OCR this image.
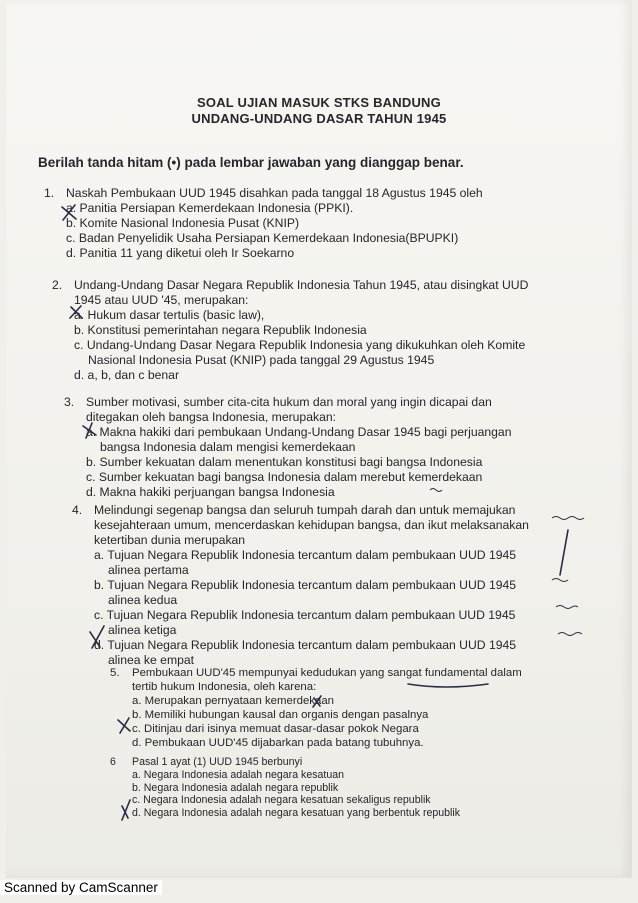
SOAL UJIAN MASUK STKS BANDUNG
UNDANG-UNDANG DASAR TAHUN 1945
Berilah tanda hitam (•) pada lembar jawaban yang dianggap benar.
1. Naskah Pembukaan UUD 1945 disahkan pada tanggal 18 Agustus 1945 oleh
a. Panitia Persiapan Kemerdekaan Indonesia (PPKI).
b. Komite Nasional Indonesia Pusat (KNIP)
c. Badan Penyelidik Usaha Persiapan Kemerdekaan Indonesia(BPUPKI)
d. Panitia 11 yang diketui oleh Ir Soekarno
2. Undang-Undang Dasar Negara Republik Indonesia Tahun 1945, atau disingkat UUD 1945 atau UUD '45, merupakan:
a. Hukum dasar tertulis (basic law),
b. Konstitusi pemerintahan negara Republik Indonesia
c. Undang-Undang Dasar Negara Republik Indonesia yang dikukuhkan oleh Komite Nasional Indonesia Pusat (KNIP) pada tanggal 29 Agustus 1945
d. a, b, dan c benar
3. Sumber motivasi, sumber cita-cita hukum dan moral yang ingin dicapai dan ditegakan oleh bangsa Indonesia, merupakan:
a. Makna hakiki dari pembukaan Undang-Undang Dasar 1945 bagi perjuangan bangsa Indonesia dalam mengisi kemerdekaan
b. Sumber kekuatan dalam menentukan konstitusi bagi bangsa Indonesia
c. Sumber kekuatan bagi bangsa Indonesia dalam merebut kemerdekaan
d. Makna hakiki perjuangan bangsa Indonesia
4. Melindungi segenap bangsa dan seluruh tumpah darah dan untuk memajukan kesejahteraan umum, mencerdaskan kehidupan bangsa, dan ikut melaksanakan ketertiban dunia merupakan
a. Tujuan Negara Republik Indonesia tercantum dalam pembukaan UUD 1945 alinea pertama
b. Tujuan Negara Republik Indonesia tercantum dalam pembukaan UUD 1945 alinea kedua
c. Tujuan Negara Republik Indonesia tercantum dalam pembukaan UUD 1945 alinea ketiga
d. Tujuan Negara Republik Indonesia tercantum dalam pembukaan UUD 1945 alinea ke empat
5. Pembukaan UUD'45 mempunyai kedudukan yang sangat fundamental dalam tertib hukum Indonesia, oleh karena:
a. Merupakan pernyataan kemerdekaan
b. Memiliki hubungan kausal dan organis dengan pasalnya
c. Ditinjau dari isinya memuat dasar-dasar pokok Negara
d. Pembukaan UUD'45 dijabarkan pada batang tubuhnya.
6 Pasal 1 ayat (1) UUD 1945 berbunyi
a. Negara Indonesia adalah negara kesatuan
b. Negara Indonesia adalah negara republik
c. Negara Indonesia adalah negara kesatuan sekaligus republik
d. Negara Indonesia adalah negara kesatuan yang berbentuk republik
Scanned by CamScanner
